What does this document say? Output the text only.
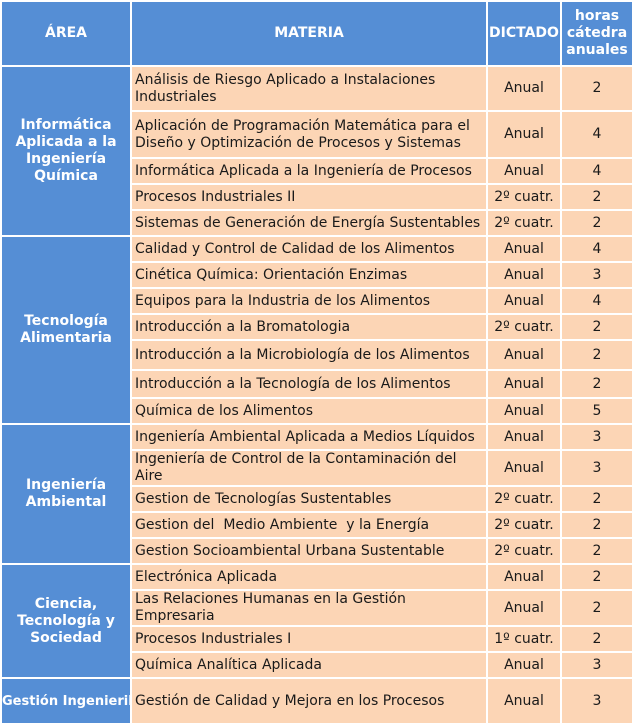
ÁREA	MATERIA	DICTADO	horas cátedra anuales
Informática Aplicada a la Ingeniería Química	Análisis de Riesgo Aplicado a Instalaciones Industriales	Anual	2
	Aplicación de Programación Matemática para el Diseño y Optimización de Procesos y Sistemas	Anual	4
	Informática Aplicada a la Ingeniería de Procesos	Anual	4
	Procesos Industriales II	2º cuatr.	2
	Sistemas de Generación de Energía Sustentables	2º cuatr.	2
Tecnología Alimentaria	Calidad y Control de Calidad de los Alimentos	Anual	4
	Cinética Química: Orientación Enzimas	Anual	3
	Equipos para la Industria de los Alimentos	Anual	4
	Introducción a la Bromatologia	2º cuatr.	2
	Introducción a la Microbiología de los Alimentos	Anual	2
	Introducción a la Tecnología de los Alimentos	Anual	2
	Química de los Alimentos	Anual	5
Ingeniería Ambiental	Ingeniería Ambiental Aplicada a Medios Líquidos	Anual	3
	Ingeniería de Control de la Contaminación del Aire	Anual	3
	Gestion de Tecnologías Sustentables	2º cuatr.	2
	Gestion del  Medio Ambiente  y la Energía	2º cuatr.	2
	Gestion Socioambiental Urbana Sustentable	2º cuatr.	2
Ciencia, Tecnología y Sociedad	Electrónica Aplicada	Anual	2
	Las Relaciones Humanas en la Gestión Empresaria	Anual	2
	Procesos Industriales I	1º cuatr.	2
	Química Analítica Aplicada	Anual	3
Gestión Ingenieril	Gestión de Calidad y Mejora en los Procesos	Anual	3
